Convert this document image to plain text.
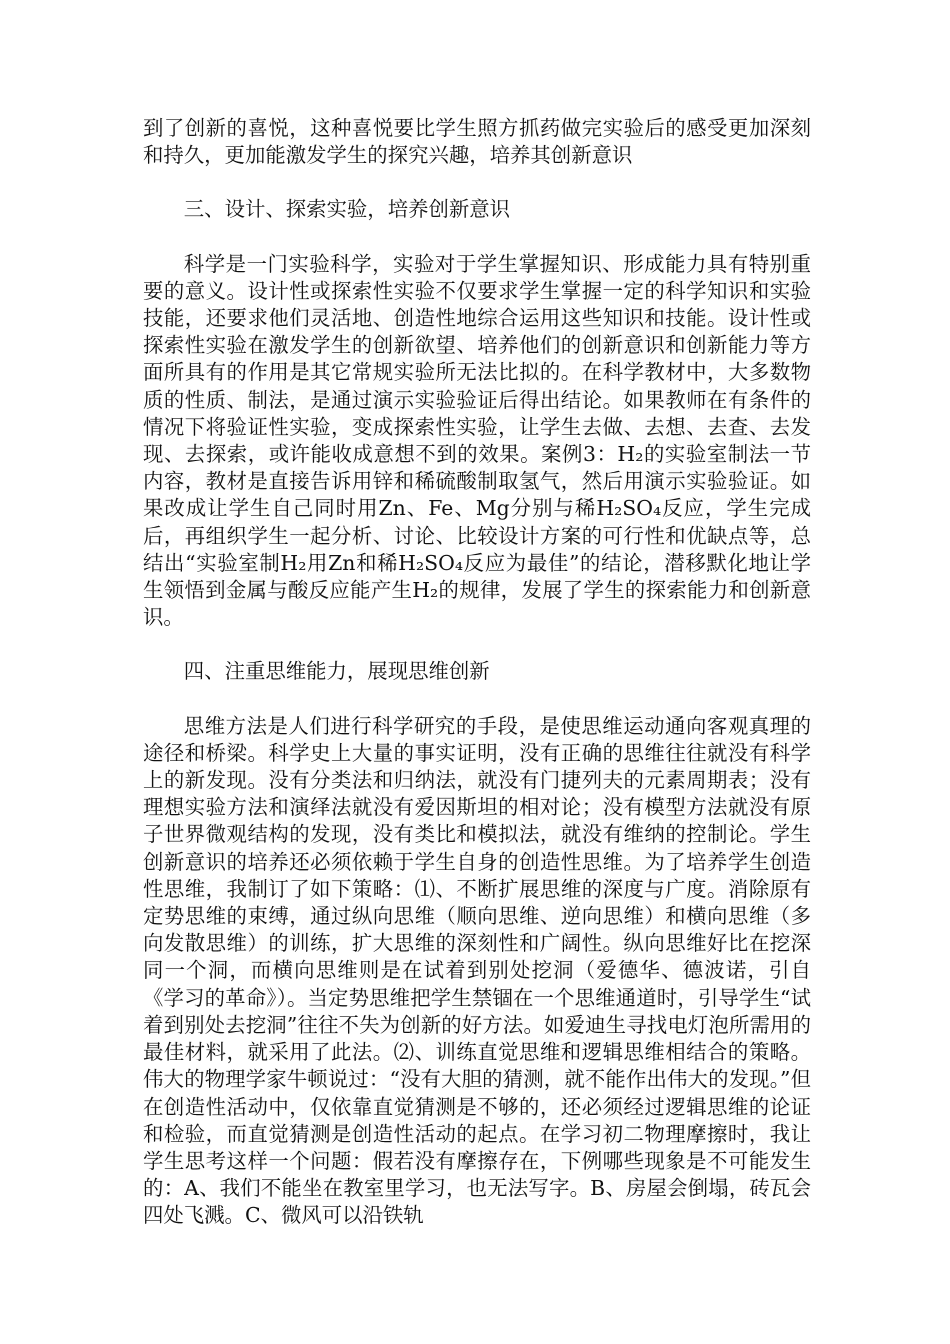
到了创新的喜悦，这种喜悦要比学生照方抓药做完实验后的感受更加深刻和持久，更加能激发学生的探究兴趣，培养其创新意识

三、设计、探索实验，培养创新意识

科学是一门实验科学，实验对于学生掌握知识、形成能力具有特别重要的意义。设计性或探索性实验不仅要求学生掌握一定的科学知识和实验技能，还要求他们灵活地、创造性地综合运用这些知识和技能。设计性或探索性实验在激发学生的创新欲望、培养他们的创新意识和创新能力等方面所具有的作用是其它常规实验所无法比拟的。在科学教材中，大多数物质的性质、制法，是通过演示实验验证后得出结论。如果教师在有条件的情况下将验证性实验，变成探索性实验，让学生去做、去想、去查、去发现、去探索，或许能收成意想不到的效果。案例3：H₂的实验室制法一节内容，教材是直接告诉用锌和稀硫酸制取氢气，然后用演示实验验证。如果改成让学生自己同时用Zn、Fe、Mg分别与稀H₂SO₄反应，学生完成后，再组织学生一起分析、讨论、比较设计方案的可行性和优缺点等，总结出“实验室制H₂用Zn和稀H₂SO₄反应为最佳”的结论，潜移默化地让学生领悟到金属与酸反应能产生H₂的规律，发展了学生的探索能力和创新意识。

四、注重思维能力，展现思维创新

思维方法是人们进行科学研究的手段，是使思维运动通向客观真理的途径和桥梁。科学史上大量的事实证明，没有正确的思维往往就没有科学上的新发现。没有分类法和归纳法，就没有门捷列夫的元素周期表；没有理想实验方法和演绎法就没有爱因斯坦的相对论；没有模型方法就没有原子世界微观结构的发现，没有类比和模拟法，就没有维纳的控制论。学生创新意识的培养还必须依赖于学生自身的创造性思维。为了培养学生创造性思维，我制订了如下策略：⑴、不断扩展思维的深度与广度。消除原有定势思维的束缚，通过纵向思维（顺向思维、逆向思维）和横向思维（多向发散思维）的训练，扩大思维的深刻性和广阔性。纵向思维好比在挖深同一个洞，而横向思维则是在试着到别处挖洞（爱德华、德波诺，引自《学习的革命》）。当定势思维把学生禁锢在一个思维通道时，引导学生“试着到别处去挖洞”往往不失为创新的好方法。如爱迪生寻找电灯泡所需用的最佳材料，就采用了此法。⑵、训练直觉思维和逻辑思维相结合的策略。伟大的物理学家牛顿说过：“没有大胆的猜测，就不能作出伟大的发现。”但在创造性活动中，仅依靠直觉猜测是不够的，还必须经过逻辑思维的论证和检验，而直觉猜测是创造性活动的起点。在学习初二物理摩擦时，我让学生思考这样一个问题：假若没有摩擦存在，下例哪些现象是不可能发生的：A、我们不能坐在教室里学习，也无法写字。B、房屋会倒塌，砖瓦会四处飞溅。C、微风可以沿铁轨
